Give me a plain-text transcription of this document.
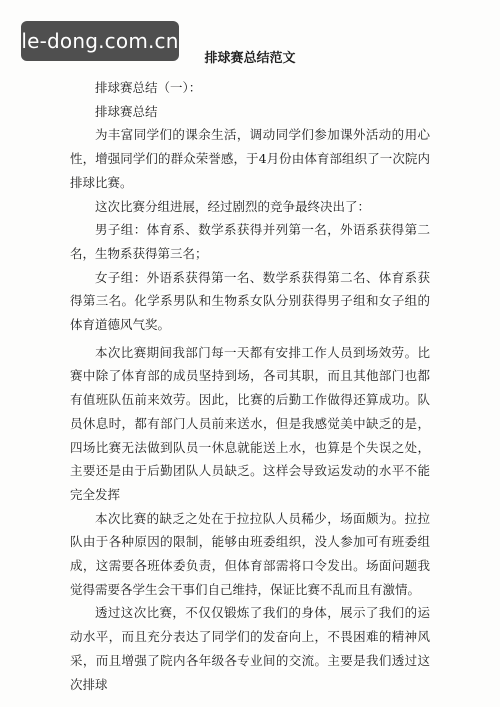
le-dong.com.cn
排球赛总结范文

排球赛总结（一）：

排球赛总结

为丰富同学们的课余生活，调动同学们参加课外活动的用心 性，增强同学们的群众荣誉感，于4月份由体育部组织了一次院内 排球比赛。

这次比赛分组进展，经过剧烈的竞争最终决出了：

男子组：体育系、数学系获得并列第一名，外语系获得第二 名，生物系获得第三名；

女子组：外语系获得第一名、数学系获得第二名、体育系获得第三名。化学系男队和生物系女队分别获得男子组和女子组的体育道德风气奖。

本次比赛期间我部门每一天都有安排工作人员到场效劳。比赛中除了体育部的成员坚持到场，各司其职，而且其他部门也都有值班队伍前来效劳。因此，比赛的后勤工作做得还算成功。队员休息时，都有部门人员前来送水，但是我感觉美中缺乏的是，四场比赛无法做到队员一休息就能送上水，也算是个失误之处，主要还是由于后勤团队人员缺乏。这样会导致运发动的水平不能完全发挥

本次比赛的缺乏之处在于拉拉队人员稀少，场面颇为。拉拉队由于各种原因的限制，能够由班委组织，没人参加可有班委组成，这需要各班体委负责，但体育部需将口令发出。场面问题我觉得需要各学生会干事们自己维持，保证比赛不乱而且有激情。

透过这次比赛，不仅仅锻炼了我们的身体，展示了我们的运动水平，而且充分表达了同学们的发奋向上，不畏困难的精神风采，而且增强了院内各年级各专业间的交流。主要是我们透过这次排球
